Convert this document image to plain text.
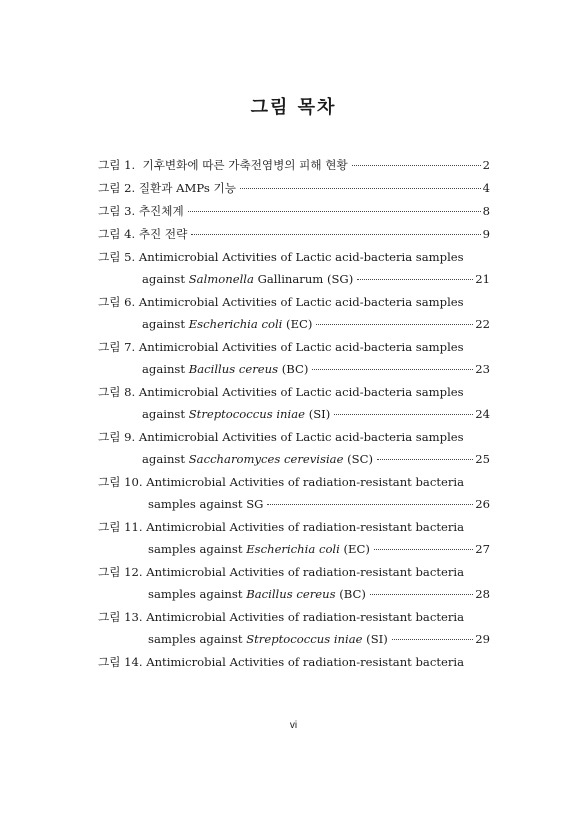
그림 목차
그림 1.
기후변화에 따른 가축전염병의 피해 현황	2
그림 2.
질환과 AMPs 기능	4
그림 3.
추진체계	8
그림 4.
추진 전략	9
그림 5.
Antimicrobial Activities of Lactic acid-bacteria samples
against Salmonella Gallinarum (SG)	21
그림 6.
Antimicrobial Activities of Lactic acid-bacteria samples
against Escherichia coli (EC)	22
그림 7.
Antimicrobial Activities of Lactic acid-bacteria samples
against Bacillus cereus (BC)	23
그림 8.
Antimicrobial Activities of Lactic acid-bacteria samples
against Streptococcus iniae (SI)	24
그림 9.
Antimicrobial Activities of Lactic acid-bacteria samples
against Saccharomyces cerevisiae (SC)	25
그림 10.
Antimicrobial Activities of radiation-resistant bacteria
samples against SG	26
그림 11.
Antimicrobial Activities of radiation-resistant bacteria
samples against Escherichia coli (EC)	27
그림 12.
Antimicrobial Activities of radiation-resistant bacteria
samples against Bacillus cereus (BC)	28
그림 13.
Antimicrobial Activities of radiation-resistant bacteria
samples against Streptococcus iniae (SI)	29
그림 14.
Antimicrobial Activities of radiation-resistant bacteria
vi
